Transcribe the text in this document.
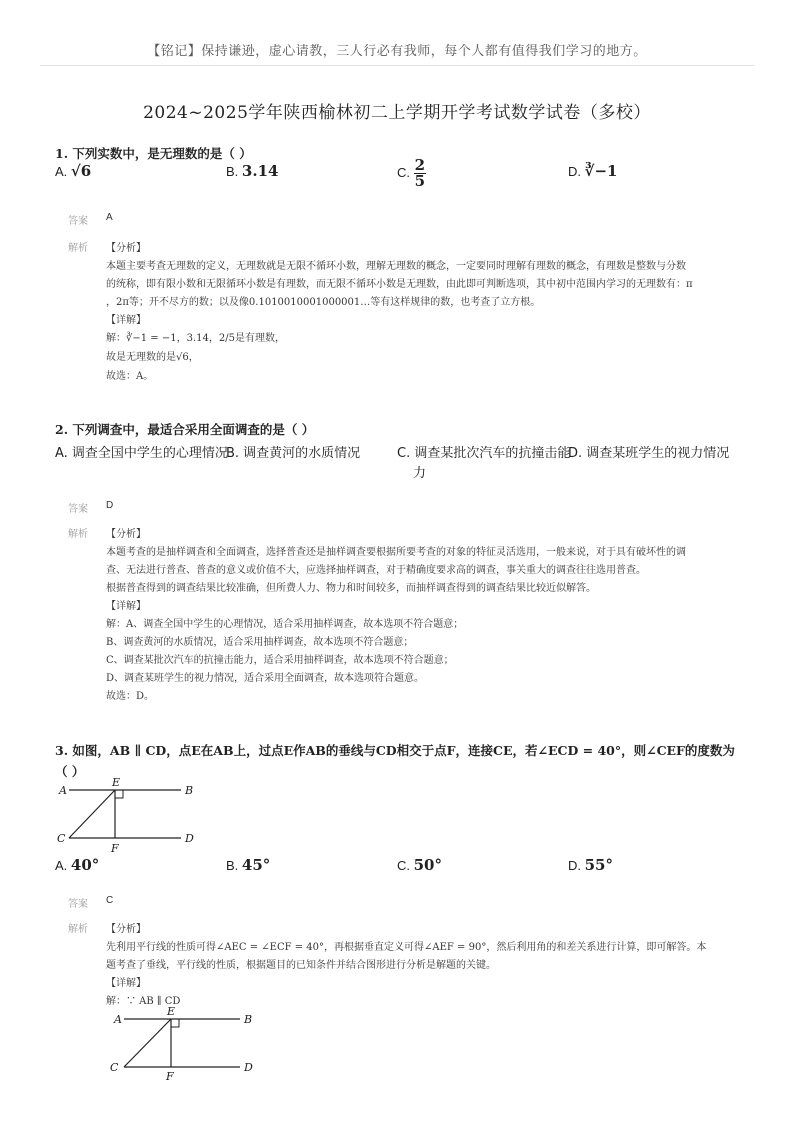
【铭记】保持谦逊，虚心请教，三人行必有我师，每个人都有值得我们学习的地方。
2024~2025学年陕西榆林初二上学期开学考试数学试卷（多校）
1. 下列实数中，是无理数的是（ ）
A. √6	B. 3.14	C. $\frac{2}{5}$	D. ∛−1
答案 A
解析 【分析】
本题主要考查无理数的定义，无理数就是无限不循环小数，理解无理数的概念，一定要同时理解有理数的概念，有理数是整数与分数
的统称，即有限小数和无限循环小数是有理数，而无限不循环小数是无理数，由此即可判断选项，其中初中范围内学习的无理数有：π
，2π等；开不尽方的数；以及像0.1010010001000001…等有这样规律的数，也考查了立方根。
【详解】
解：∛−1 = −1，3.14，2/5是有理数，
故是无理数的是√6，
故选：A。
2. 下列调查中，最适合采用全面调查的是（ ）
A. 调查全国中学生的心理情况
B. 调查黄河的水质情况	C. 调查某批次汽车的抗撞击能
力
D. 调查某班学生的视力情况
答案 D
解析 【分析】
本题考查的是抽样调查和全面调查，选择普查还是抽样调查要根据所要考查的对象的特征灵活选用，一般来说，对于具有破坏性的调
查、无法进行普查、普查的意义或价值不大，应选择抽样调查，对于精确度要求高的调查，事关重大的调查往往选用普查。
根据普查得到的调查结果比较准确，但所费人力、物力和时间较多，而抽样调查得到的调查结果比较近似解答。
【详解】
解：A、调查全国中学生的心理情况，适合采用抽样调查，故本选项不符合题意；
B、调查黄河的水质情况，适合采用抽样调查，故本选项不符合题意；
C、调查某批次汽车的抗撞击能力，适合采用抽样调查，故本选项不符合题意；
D、调查某班学生的视力情况，适合采用全面调查，故本选项符合题意。
故选：D。
3. 如图，AB ∥ CD，点E在AB上，过点E作AB的垂线与CD相交于点F，连接CE，若∠ECD = 40°，则∠CEF的度数为
（ ）
A	B
C	D
E
F
A. 40°	B. 45°	C. 50°	D. 55°
答案 C
解析 【分析】
先利用平行线的性质可得∠AEC = ∠ECF = 40°，再根据垂直定义可得∠AEF = 90°，然后利用角的和差关系进行计算，即可解答。本
题考查了垂线，平行线的性质，根据题目的已知条件并结合图形进行分析是解题的关键。
【详解】
解：∵ AB ∥ CD
A	B
C	D
E
F
